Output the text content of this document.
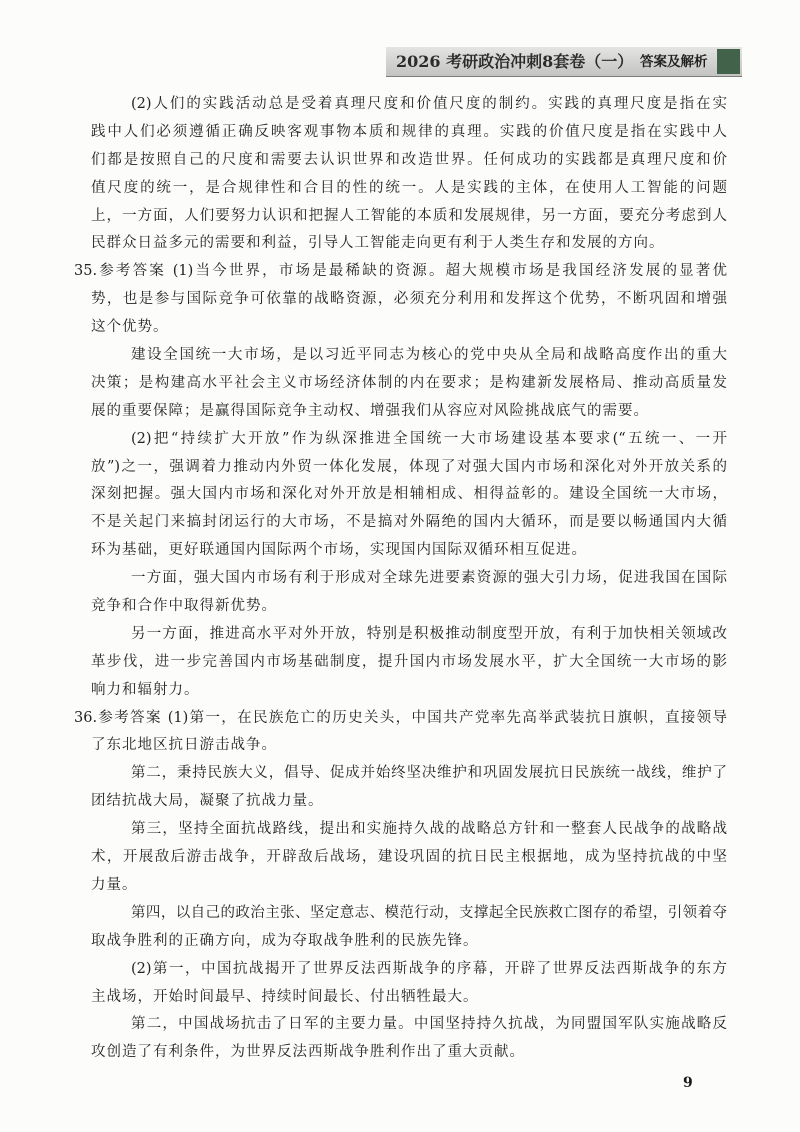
2026 考研政治冲刺8套卷（一） 答案及解析
(2)人们的实践活动总是受着真理尺度和价值尺度的制约。实践的真理尺度是指在实
践中人们必须遵循正确反映客观事物本质和规律的真理。实践的价值尺度是指在实践中人
们都是按照自己的尺度和需要去认识世界和改造世界。任何成功的实践都是真理尺度和价
值尺度的统一，是合规律性和合目的性的统一。人是实践的主体，在使用人工智能的问题
上，一方面，人们要努力认识和把握人工智能的本质和发展规律，另一方面，要充分考虑到人
民群众日益多元的需要和利益，引导人工智能走向更有利于人类生存和发展的方向。
35.参考答案 (1)当今世界，市场是最稀缺的资源。超大规模市场是我国经济发展的显著优
势，也是参与国际竞争可依靠的战略资源，必须充分利用和发挥这个优势，不断巩固和增强
这个优势。
建设全国统一大市场，是以习近平同志为核心的党中央从全局和战略高度作出的重大
决策；是构建高水平社会主义市场经济体制的内在要求；是构建新发展格局、推动高质量发
展的重要保障；是赢得国际竞争主动权、增强我们从容应对风险挑战底气的需要。
(2)把“持续扩大开放”作为纵深推进全国统一大市场建设基本要求(“五统一、一开
放”)之一，强调着力推动内外贸一体化发展，体现了对强大国内市场和深化对外开放关系的
深刻把握。强大国内市场和深化对外开放是相辅相成、相得益彰的。建设全国统一大市场，
不是关起门来搞封闭运行的大市场，不是搞对外隔绝的国内大循环，而是要以畅通国内大循
环为基础，更好联通国内国际两个市场，实现国内国际双循环相互促进。
一方面，强大国内市场有利于形成对全球先进要素资源的强大引力场，促进我国在国际
竞争和合作中取得新优势。
另一方面，推进高水平对外开放，特别是积极推动制度型开放，有利于加快相关领域改
革步伐，进一步完善国内市场基础制度，提升国内市场发展水平，扩大全国统一大市场的影
响力和辐射力。
36.参考答案 (1)第一，在民族危亡的历史关头，中国共产党率先高举武装抗日旗帜，直接领导
了东北地区抗日游击战争。
第二，秉持民族大义，倡导、促成并始终坚决维护和巩固发展抗日民族统一战线，维护了
团结抗战大局，凝聚了抗战力量。
第三，坚持全面抗战路线，提出和实施持久战的战略总方针和一整套人民战争的战略战
术，开展敌后游击战争，开辟敌后战场，建设巩固的抗日民主根据地，成为坚持抗战的中坚
力量。
第四，以自己的政治主张、坚定意志、模范行动，支撑起全民族救亡图存的希望，引领着夺
取战争胜利的正确方向，成为夺取战争胜利的民族先锋。
(2)第一，中国抗战揭开了世界反法西斯战争的序幕，开辟了世界反法西斯战争的东方
主战场，开始时间最早、持续时间最长、付出牺牲最大。
第二，中国战场抗击了日军的主要力量。中国坚持持久抗战，为同盟国军队实施战略反
攻创造了有利条件，为世界反法西斯战争胜利作出了重大贡献。
9
